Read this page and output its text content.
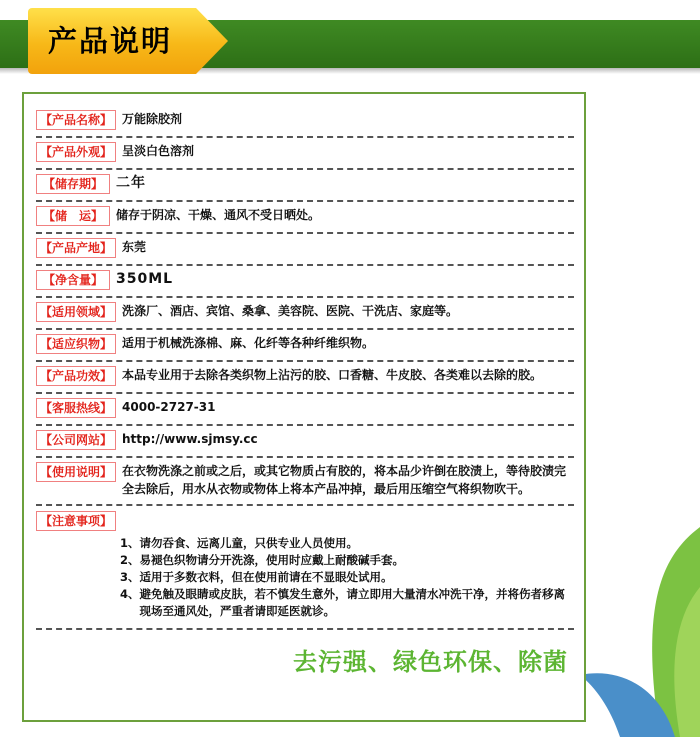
产品说明
【产品名称】 万能除胶剂
【产品外观】 呈淡白色溶剂
【储存期】 二年
【储　运】	储存于阴凉、干燥、通风不受日晒处。
【产品产地】 东莞
【净含量】 350ML
【适用领域】 洗涤厂、酒店、宾馆、桑拿、美容院、医院、干洗店、家庭等。
【适应织物】 适用于机械洗涤棉、麻、化纤等各种纤维织物。
【产品功效】 本品专业用于去除各类织物上沾污的胶、口香糖、牛皮胶、各类难以去除的胶。
【客服热线】 4000-2727-31
【公司网站】 http://www.sjmsy.cc
【使用说明】 在衣物洗涤之前或之后，或其它物质占有胶的，将本品少许倒在胶渍上，等待胶渍完全去除后，用水从衣物或物体上将本产品冲掉，最后用压缩空气将织物吹干。
【注意事项】
1、 请勿吞食、远离儿童，只供专业人员使用。
2、 易褪色织物请分开洗涤，使用时应戴上耐酸碱手套。
3、 适用于多数衣料，但在使用前请在不显眼处试用。
4、 避免触及眼睛或皮肤，若不慎发生意外，请立即用大量清水冲洗干净，并将伤者移离现场至通风处，严重者请即延医就诊。
去污强、绿色环保、除菌
